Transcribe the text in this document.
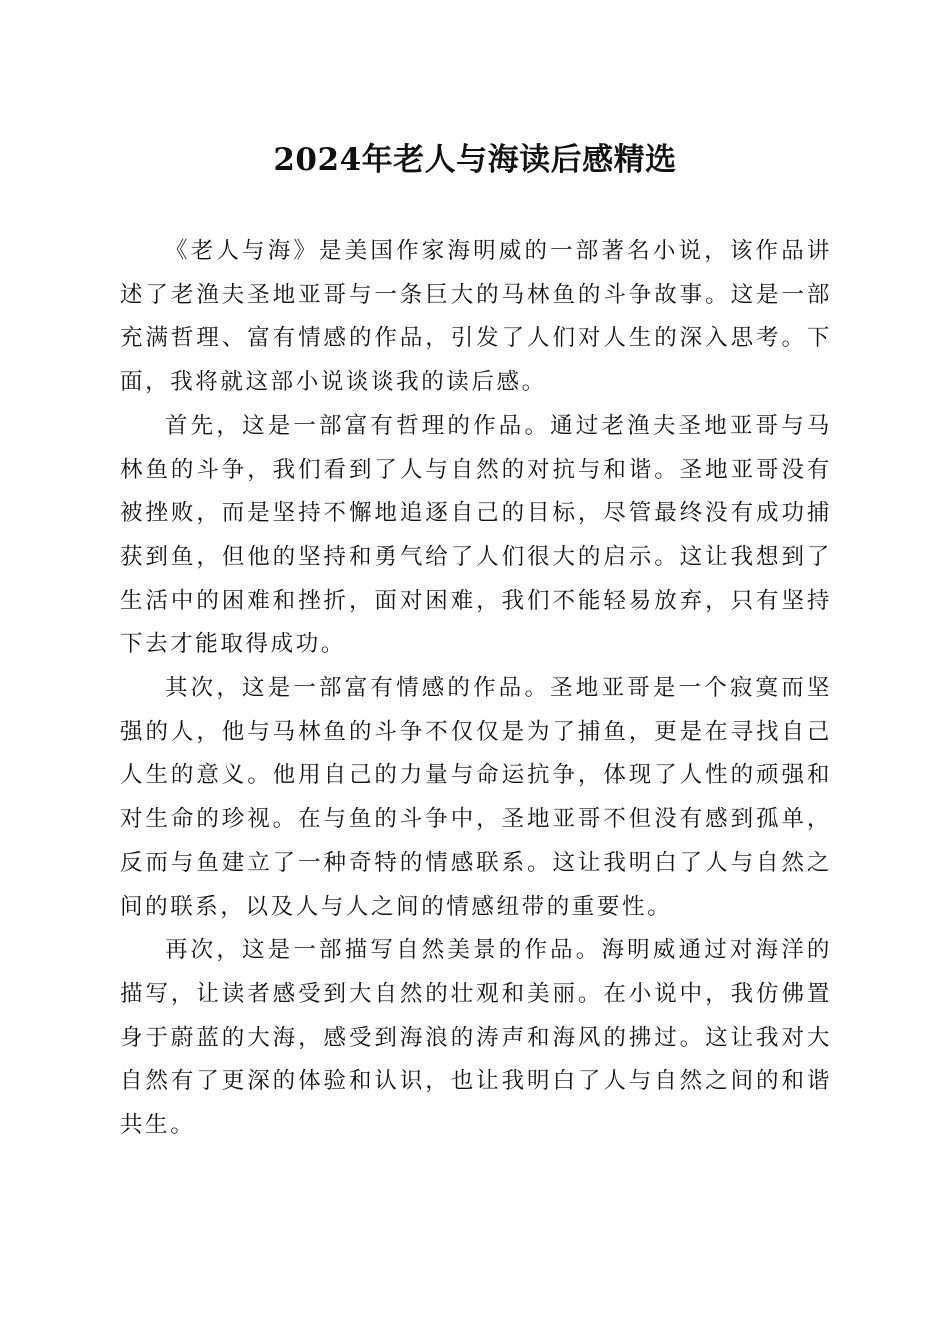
2024年老人与海读后感精选

《老人与海》是美国作家海明威的一部著名小说，该作品讲述了老渔夫圣地亚哥与一条巨大的马林鱼的斗争故事。这是一部充满哲理、富有情感的作品，引发了人们对人生的深入思考。下面，我将就这部小说谈谈我的读后感。

首先，这是一部富有哲理的作品。通过老渔夫圣地亚哥与马林鱼的斗争，我们看到了人与自然的对抗与和谐。圣地亚哥没有被挫败，而是坚持不懈地追逐自己的目标，尽管最终没有成功捕获到鱼，但他的坚持和勇气给了人们很大的启示。这让我想到了生活中的困难和挫折，面对困难，我们不能轻易放弃，只有坚持下去才能取得成功。

其次，这是一部富有情感的作品。圣地亚哥是一个寂寞而坚强的人，他与马林鱼的斗争不仅仅是为了捕鱼，更是在寻找自己人生的意义。他用自己的力量与命运抗争，体现了人性的顽强和对生命的珍视。在与鱼的斗争中，圣地亚哥不但没有感到孤单，反而与鱼建立了一种奇特的情感联系。这让我明白了人与自然之间的联系，以及人与人之间的情感纽带的重要性。

再次，这是一部描写自然美景的作品。海明威通过对海洋的描写，让读者感受到大自然的壮观和美丽。在小说中，我仿佛置身于蔚蓝的大海，感受到海浪的涛声和海风的拂过。这让我对大自然有了更深的体验和认识，也让我明白了人与自然之间的和谐共生。
